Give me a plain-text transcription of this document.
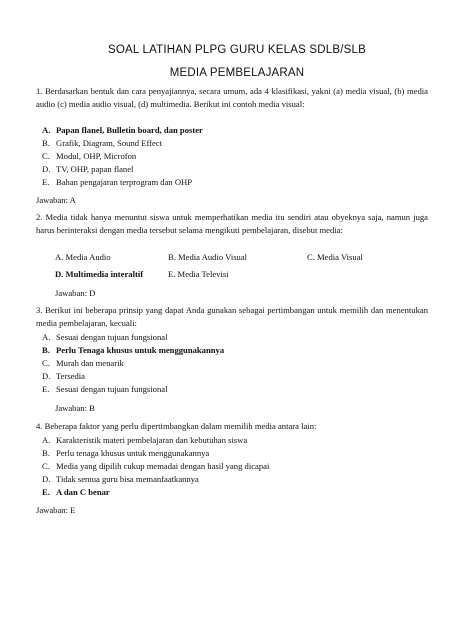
SOAL LATIHAN PLPG GURU KELAS SDLB/SLB
MEDIA PEMBELAJARAN
1. Berdasarkan bentuk dan cara penyajiannya, secara umum, ada 4 klasifikasi, yakni (a) media visual, (b) media audio (c) media audio visual, (d) multimedia. Berikut ini contoh media visual:
A. Papan flanel, Bulletin board, dan poster
B. Grafik, Diagram, Sound Effect
C. Modul, OHP, Microfon
D. TV, OHP, papan flanel
E. Bahan pengajaran terprogram dan OHP
Jawaban: A
2. Media tidak hanya menuntut siswa untuk memperhatikan media itu sendiri atau obyeknya saja, namun juga harus berinteraksi dengan media tersebut selama mengikuti pembelajaran, disebut media:
A. Media Audio	B. Media Audio Visual	C. Media Visual
D. Multimedia interaltif	E. Media Televisi
Jawaban: D
3. Berikut ini beberapa prinsip yang dapat Anda gunakan sebagai pertimbangan untuk memilih dan menentukan media pembelajaran, kecuali:
A. Sesuai dengan tujuan fungsional
B. Perlu Tenaga khusus untuk menggunakannya
C. Murah dan menarik
D. Tersedia
E. Sesuai dengan tujuan fungsional
Jawaban: B
4. Beberapa faktor yang perlu dipertimbangkan dalam memilih media antara lain:
A. Karakteristik materi pembelajaran dan kebutuhan siswa
B. Perlu tenaga khusus untuk menggunakannya
C. Media yang dipilih cukup memadai dengan hasil yang dicapai
D. Tidak semua guru bisa memanfaatkannya
E. A dan C benar
Jawaban: E
